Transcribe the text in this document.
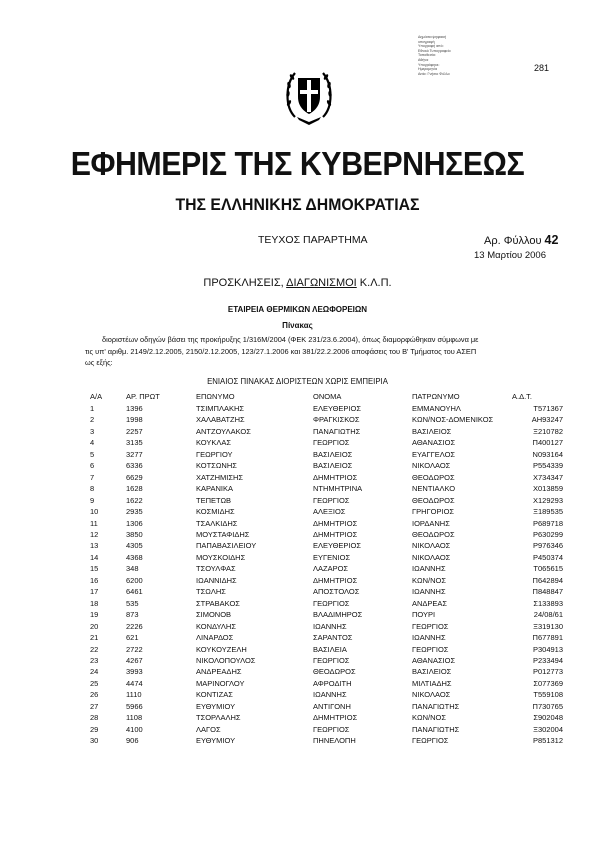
Δημόσια ψηφιακή
υπογραφή
Υπογραφή από:
Εθνικό Τυπογραφείο
Τοποθεσία:
Αθήνα
Υπογράφηκε:
Ημερομηνία
Αιτία: Γνήσιο Φύλλο
281
ΕΦΗΜΕΡΙΣ ΤΗΣ ΚΥΒΕΡΝΗΣΕΩΣ
ΤΗΣ ΕΛΛΗΝΙΚΗΣ ΔΗΜΟΚΡΑΤΙΑΣ
ΤΕΥΧΟΣ ΠΑΡΑΡΤΗΜΑ	Αρ. Φύλλου 42
13 Μαρτίου 2006
ΠΡΟΣΚΛΗΣΕΙΣ, ΔΙΑΓΩΝΙΣΜΟΙ Κ.Λ.Π.
ΕΤΑΙΡΕΙΑ ΘΕΡΜΙΚΩΝ ΛΕΩΦΟΡΕΙΩΝ
Πίνακας
διοριστέων οδηγών βάσει της προκήρυξης 1/316Μ/2004 (ΦΕΚ 231/23.6.2004), όπως διαμορφώθηκαν σύμφωνα με
τις υπ' αριθμ. 2149/2.12.2005, 2150/2.12.2005, 123/27.1.2006 και 381/22.2.2006 αποφάσεις του Β' Τμήματος του ΑΣΕΠ
ως εξής:
ΕΝΙΑΙΟΣ ΠΙΝΑΚΑΣ ΔΙΟΡΙΣΤΕΩΝ ΧΩΡΙΣ ΕΜΠΕΙΡΙΑ
Α/Α	ΑΡ. ΠΡΩΤ	ΕΠΩΝΥΜΟ	ΟΝΟΜΑ	ΠΑΤΡΩΝΥΜΟ	Α.Δ.Τ.
1	1396	ΤΣΙΜΠΛΑΚΗΣ	ΕΛΕΥΘΕΡΙΟΣ	ΕΜΜΑΝΟΥΗΛ	Τ571367
2	1998	ΧΑΛΑΒΑΤΖΗΣ	ΦΡΑΓΚΙΣΚΟΣ	ΚΩΝ/ΝΟΣ-ΔΟΜΕΝΙΚΟΣ	ΑΗ93247
3	2257	ΑΝΤΖΟΥΛΑΚΟΣ	ΠΑΝΑΓΙΩΤΗΣ	ΒΑΣΙΛΕΙΟΣ	Ξ210782
4	3135	ΚΟΥΚΛΑΣ	ΓΕΩΡΓΙΟΣ	ΑΘΑΝΑΣΙΟΣ	Π400127
5	3277	ΓΕΩΡΓΙΟΥ	ΒΑΣΙΛΕΙΟΣ	ΕΥΑΓΓΕΛΟΣ	Ν093164
6	6336	ΚΟΤΣΩΝΗΣ	ΒΑΣΙΛΕΙΟΣ	ΝΙΚΟΛΑΟΣ	Ρ554339
7	6629	ΧΑΤΖΗΜΙΣΗΣ	ΔΗΜΗΤΡΙΟΣ	ΘΕΟΔΩΡΟΣ	Χ734347
8	1628	ΚΑΡΑΝΙΚΑ	ΝΤΗΜΗΤΡΙΝΑ	ΝΕΝΤΙΑΛΚΟ	Χ013859
9	1622	ΤΕΠΕΤΩΒ	ΓΕΩΡΓΙΟΣ	ΘΕΟΔΩΡΟΣ	Χ129293
10	2935	ΚΟΣΜΙΔΗΣ	ΑΛΕΞΙΟΣ	ΓΡΗΓΟΡΙΟΣ	Ξ189535
11	1306	ΤΣΑΛΚΙΔΗΣ	ΔΗΜΗΤΡΙΟΣ	ΙΟΡΔΑΝΗΣ	Ρ689718
12	3850	ΜΟΥΣΤΑΦΙΔΗΣ	ΔΗΜΗΤΡΙΟΣ	ΘΕΟΔΩΡΟΣ	Ρ630299
13	4305	ΠΑΠΑΒΑΣΙΛΕΙΟΥ	ΕΛΕΥΘΕΡΙΟΣ	ΝΙΚΟΛΑΟΣ	Ρ976346
14	4368	ΜΟΥΣΚΟΙΔΗΣ	ΕΥΓΕΝΙΟΣ	ΝΙΚΟΛΑΟΣ	Ρ450374
15	348	ΤΣΟΥΛΦΑΣ	ΛΑΖΑΡΟΣ	ΙΩΑΝΝΗΣ	Τ065615
16	6200	ΙΩΑΝΝΙΔΗΣ	ΔΗΜΗΤΡΙΟΣ	ΚΩΝ/ΝΟΣ	Π642894
17	6461	ΤΣΩΛΗΣ	ΑΠΟΣΤΟΛΟΣ	ΙΩΑΝΝΗΣ	Π848847
18	535	ΣΤΡΑΒΑΚΟΣ	ΓΕΩΡΓΙΟΣ	ΑΝΔΡΕΑΣ	Σ133893
19	873	ΣΙΜΟΝΟΒ	ΒΛΑΔΙΜΗΡΟΣ	ΠΟΥΡΙ	24/08/61
20	2226	ΚΟΝΔΥΛΗΣ	ΙΩΑΝΝΗΣ	ΓΕΩΡΓΙΟΣ	Ξ319130
21	621	ΛΙΝΑΡΔΟΣ	ΣΑΡΑΝΤΟΣ	ΙΩΑΝΝΗΣ	Π677891
22	2722	ΚΟΥΚΟΥΖΕΛΗ	ΒΑΣΙΛΕΙΑ	ΓΕΩΡΓΙΟΣ	Ρ304913
23	4267	ΝΙΚΟΛΟΠΟΥΛΟΣ	ΓΕΩΡΓΙΟΣ	ΑΘΑΝΑΣΙΟΣ	Ρ233494
24	3993	ΑΝΔΡΕΑΔΗΣ	ΘΕΟΔΩΡΟΣ	ΒΑΣΙΛΕΙΟΣ	Ρ012773
25	4474	ΜΑΡΙΝΟΓΛΟΥ	ΑΦΡΟΔΙΤΗ	ΜΙΛΤΙΑΔΗΣ	Σ077369
26	1110	ΚΟΝΤΙΖΑΣ	ΙΩΑΝΝΗΣ	ΝΙΚΟΛΑΟΣ	Τ559108
27	5966	ΕΥΘΥΜΙΟΥ	ΑΝΤΙΓΟΝΗ	ΠΑΝΑΓΙΩΤΗΣ	Π730765
28	1108	ΤΣΟΡΛΑΛΗΣ	ΔΗΜΗΤΡΙΟΣ	ΚΩΝ/ΝΟΣ	Σ902048
29	4100	ΛΑΓΟΣ	ΓΕΩΡΓΙΟΣ	ΠΑΝΑΓΙΩΤΗΣ	Ξ302004
30	906	ΕΥΘΥΜΙΟΥ	ΠΗΝΕΛΟΠΗ	ΓΕΩΡΓΙΟΣ	Ρ851312
